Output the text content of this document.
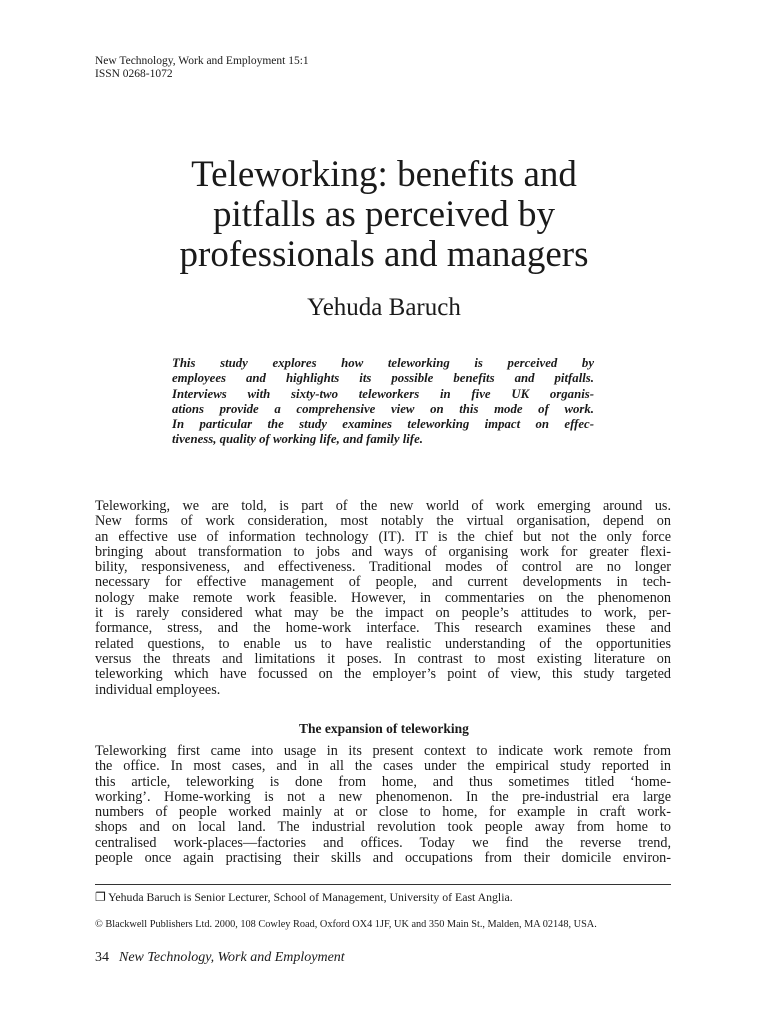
New Technology, Work and Employment 15:1
ISSN 0268-1072
Teleworking: benefits and
pitfalls as perceived by
professionals and managers
Yehuda Baruch
This study explores how teleworking is perceived by
employees and highlights its possible benefits and pitfalls.
Interviews with sixty-two teleworkers in five UK organis-
ations provide a comprehensive view on this mode of work.
In particular the study examines teleworking impact on effec-
tiveness, quality of working life, and family life.
Teleworking, we are told, is part of the new world of work emerging around us.
New forms of work consideration, most notably the virtual organisation, depend on
an effective use of information technology (IT). IT is the chief but not the only force
bringing about transformation to jobs and ways of organising work for greater flexi-
bility, responsiveness, and effectiveness. Traditional modes of control are no longer
necessary for effective management of people, and current developments in tech-
nology make remote work feasible. However, in commentaries on the phenomenon
it is rarely considered what may be the impact on people’s attitudes to work, per-
formance, stress, and the home-work interface. This research examines these and
related questions, to enable us to have realistic understanding of the opportunities
versus the threats and limitations it poses. In contrast to most existing literature on
teleworking which have focussed on the employer’s point of view, this study targeted
individual employees.
The expansion of teleworking
Teleworking first came into usage in its present context to indicate work remote from
the office. In most cases, and in all the cases under the empirical study reported in
this article, teleworking is done from home, and thus sometimes titled ‘home-
working’. Home-working is not a new phenomenon. In the pre-industrial era large
numbers of people worked mainly at or close to home, for example in craft work-
shops and on local land. The industrial revolution took people away from home to
centralised work-places—factories and offices. Today we find the reverse trend,
people once again practising their skills and occupations from their domicile environ-
❐ Yehuda Baruch is Senior Lecturer, School of Management, University of East Anglia.
© Blackwell Publishers Ltd. 2000, 108 Cowley Road, Oxford OX4 1JF, UK and 350 Main St., Malden, MA 02148, USA.
34 New Technology, Work and Employment
